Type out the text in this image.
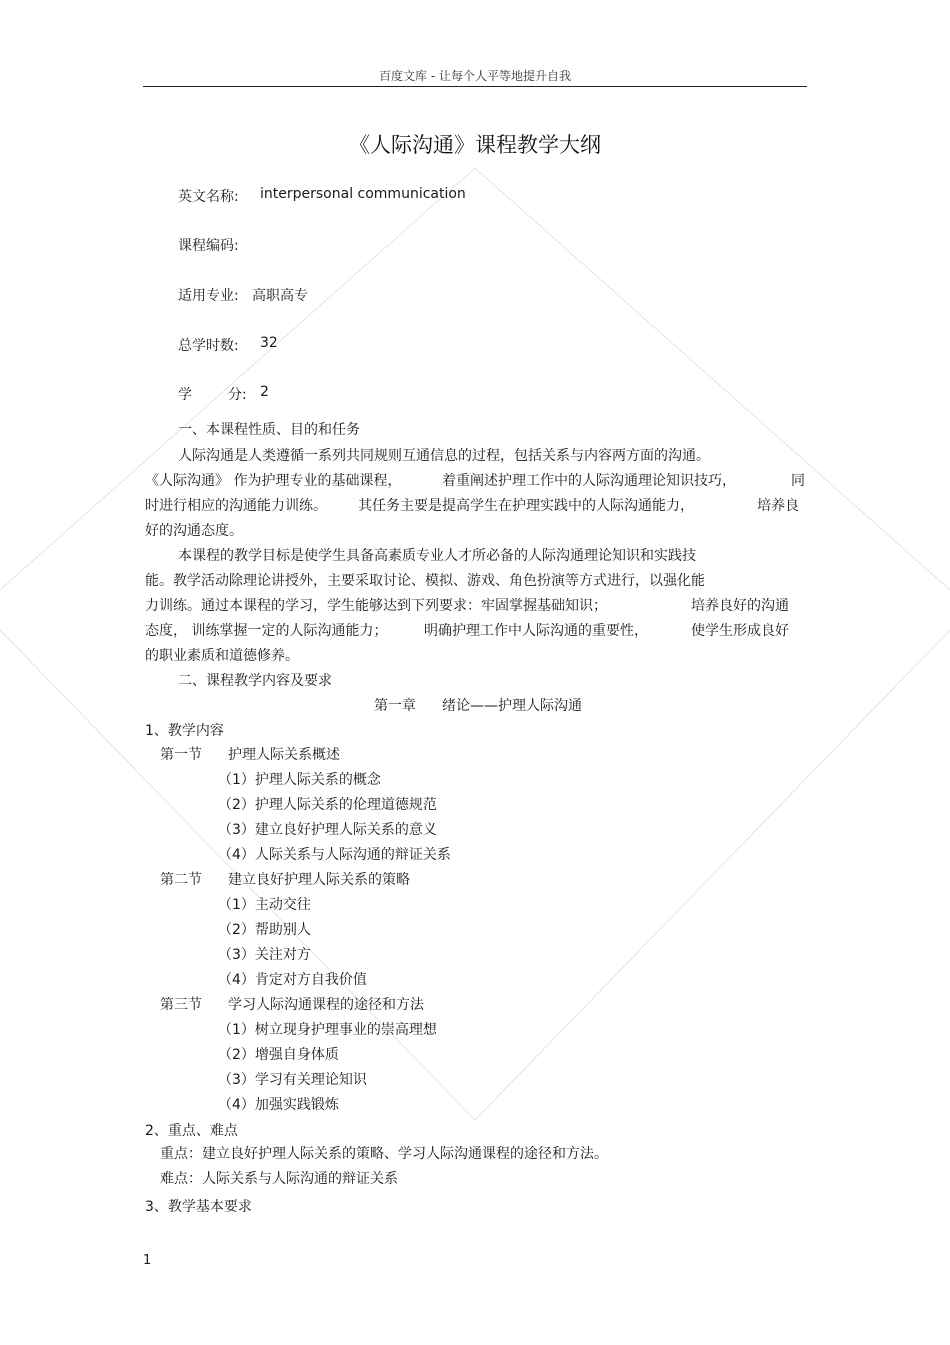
百度文库 - 让每个人平等地提升自我
《人际沟通》课程教学大纲
英文名称: interpersonal communication
课程编码:
适用专业: 高职高专
总学时数: 32
学	分: 2
一、本课程性质、目的和任务
人际沟通是人类遵循一系列共同规则互通信息的过程，包括关系与内容两方面的沟通。
《人际沟通》 作为护理专业的基础课程，	着重阐述护理工作中的人际沟通理论知识技巧，	同
时进行相应的沟通能力训练。 其任务主要是提高学生在护理实践中的人际沟通能力，	培养良
好的沟通态度。
本课程的教学目标是使学生具备高素质专业人才所必备的人际沟通理论知识和实践技
能。教学活动除理论讲授外，主要采取讨论、模拟、游戏、角色扮演等方式进行，以强化能
力训练。通过本课程的学习，学生能够达到下列要求：牢固掌握基础知识；	培养良好的沟通
态度， 训练掌握一定的人际沟通能力；	明确护理工作中人际沟通的重要性，	使学生形成良好
的职业素质和道德修养。
二、课程教学内容及要求
第一章 绪论——护理人际沟通
1、教学内容
第一节 护理人际关系概述
（1）护理人际关系的概念
（2）护理人际关系的伦理道德规范
（3）建立良好护理人际关系的意义
（4）人际关系与人际沟通的辩证关系
第二节 建立良好护理人际关系的策略
（1）主动交往
（2）帮助别人
（3）关注对方
（4）肯定对方自我价值
第三节 学习人际沟通课程的途径和方法
（1）树立现身护理事业的崇高理想
（2）增强自身体质
（3）学习有关理论知识
（4）加强实践锻炼
2、重点、难点
重点：建立良好护理人际关系的策略、学习人际沟通课程的途径和方法。
难点：人际关系与人际沟通的辩证关系
3、教学基本要求
1
